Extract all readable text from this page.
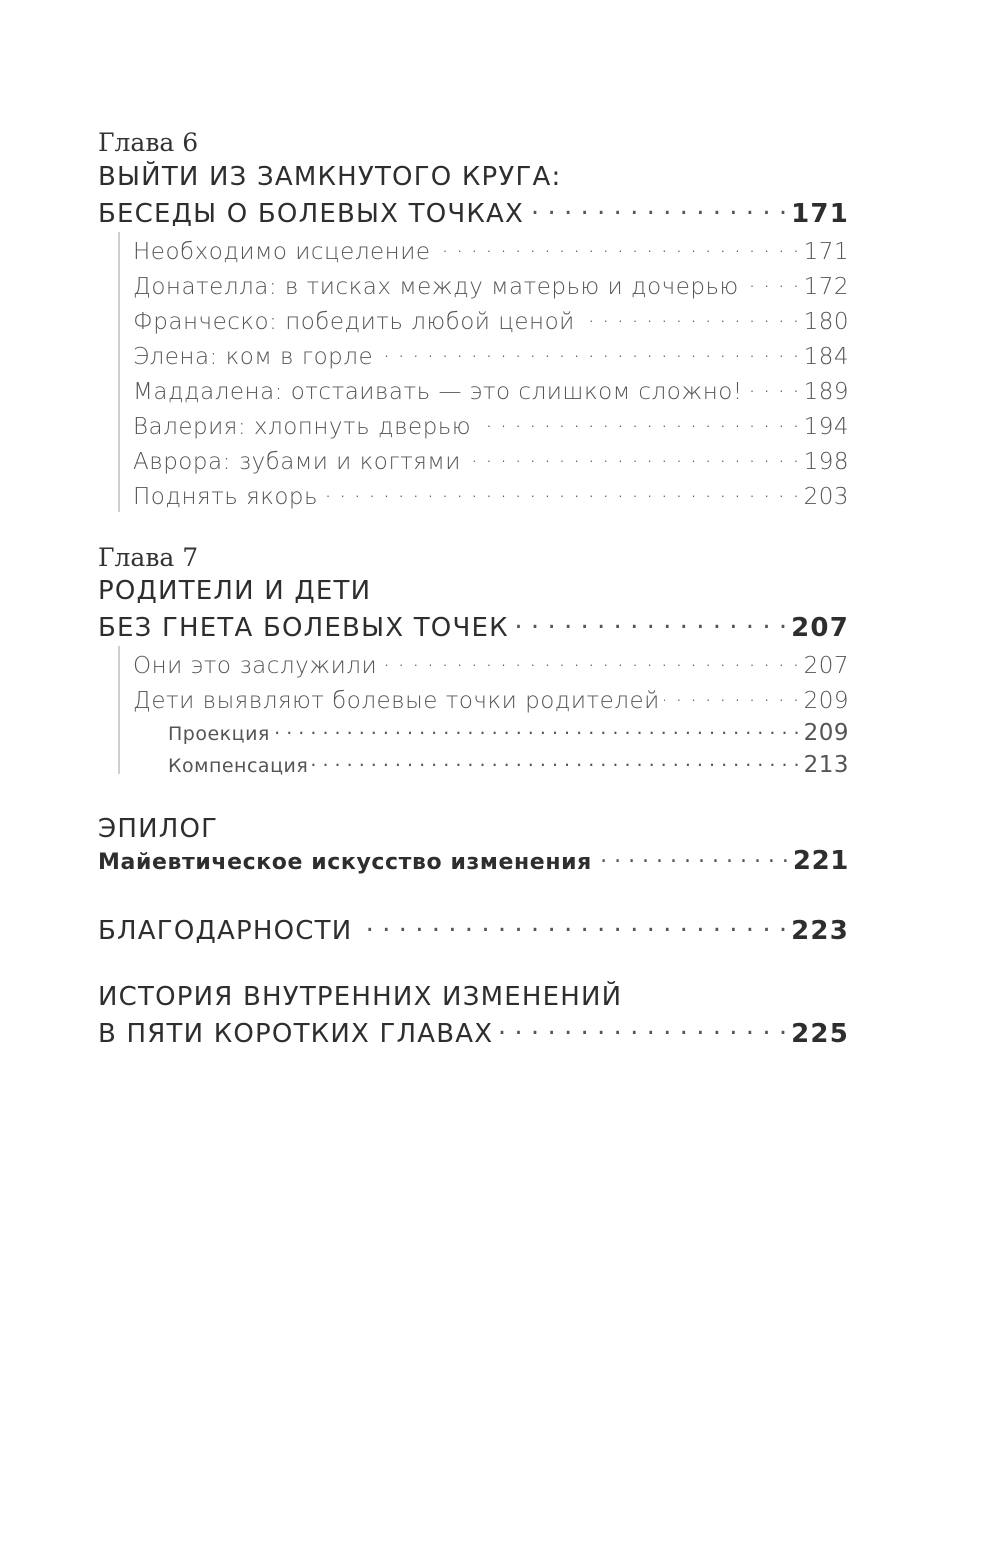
Глава 6
ВЫЙТИ ИЗ ЗАМКНУТОГО КРУГА:
БЕСЕДЫ О БОЛЕВЫХ ТОЧКАХ . . .	171
Необходимо исцеление . . .	171
Донателла: в тисках между матерью и дочерью . . .	172
Франческо: победить любой ценой . . .	180
Элена: ком в горле . . .	184
Маддалена: отстаивать — это слишком сложно! . . .	189
Валерия: хлопнуть дверью . . .	194
Аврора: зубами и когтями . . .	198
Поднять якорь . . .	203
Глава 7
РОДИТЕЛИ И ДЕТИ
БЕЗ ГНЕТА БОЛЕВЫХ ТОЧЕК . . .	207
Они это заслужили . . .	207
Дети выявляют болевые точки родителей . . .	209
Проекция . . .	209
Компенсация . . .	213
ЭПИЛОГ
Майевтическое искусство изменения . . .	221
БЛАГОДАРНОСТИ . . .	223
ИСТОРИЯ ВНУТРЕННИХ ИЗМЕНЕНИЙ
В ПЯТИ КОРОТКИХ ГЛАВАХ . . .	225
